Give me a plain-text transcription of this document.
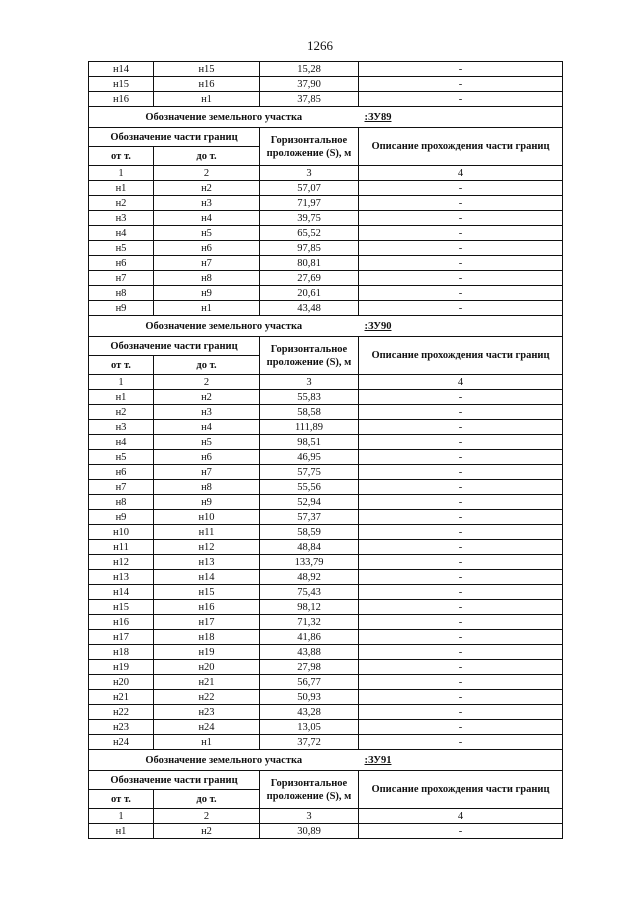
1266
н14	н15	15,28	-
н15	н16	37,90	-
н16	н1	37,85	-
Обозначение земельного участка			:ЗУ89
Обозначение части границ		Горизонтальное проложение (S), м	Описание прохождения части границ
от т.	до т.		
1	2	3	4
н1	н2	57,07	-
н2	н3	71,97	-
н3	н4	39,75	-
н4	н5	65,52	-
н5	н6	97,85	-
н6	н7	80,81	-
н7	н8	27,69	-
н8	н9	20,61	-
н9	н1	43,48	-
Обозначение земельного участка			:ЗУ90
Обозначение части границ		Горизонтальное проложение (S), м	Описание прохождения части границ
от т.	до т.		
1	2	3	4
н1	н2	55,83	-
н2	н3	58,58	-
н3	н4	111,89	-
н4	н5	98,51	-
н5	н6	46,95	-
н6	н7	57,75	-
н7	н8	55,56	-
н8	н9	52,94	-
н9	н10	57,37	-
н10	н11	58,59	-
н11	н12	48,84	-
н12	н13	133,79	-
н13	н14	48,92	-
н14	н15	75,43	-
н15	н16	98,12	-
н16	н17	71,32	-
н17	н18	41,86	-
н18	н19	43,88	-
н19	н20	27,98	-
н20	н21	56,77	-
н21	н22	50,93	-
н22	н23	43,28	-
н23	н24	13,05	-
н24	н1	37,72	-
Обозначение земельного участка			:ЗУ91
Обозначение части границ		Горизонтальное проложение (S), м	Описание прохождения части границ
от т.	до т.		
1	2	3	4
н1	н2	30,89	-
